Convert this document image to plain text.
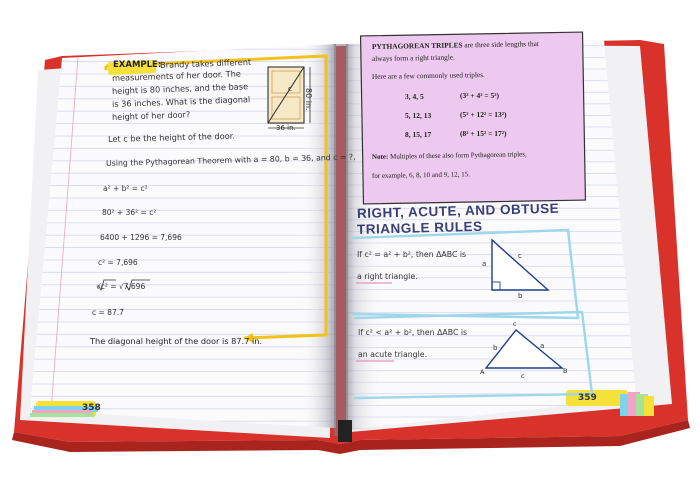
EXAMPLE:
Brandy takes different
measurements of her door. The
height is 80 inches, and the base
is 36 inches. What is the diagonal
height of her door?
80 in.
36 in.
c
Let c be the height of the door.
Using the Pythagorean Theorem with a = 80, b = 36, and c = ?,
a² + b² = c²
80² + 36² = c²
6400 + 1296 = 7,696
c² = 7,696
√c² = √7,696
c = 87.7
The diagonal height of the door is 87.7 in.
358
PYTHAGOREAN TRIPLES are three side lengths that
always form a right triangle.
Here are a few commonly used triples.
3, 4, 5	(3² + 4² = 5²)
5, 12, 13	(5² + 12² = 13²)
8, 15, 17	(8² + 15² = 17²)
Note: Multiples of these also form Pythagorean triples,
for example, 6, 8, 10 and 9, 12, 15.
RIGHT, ACUTE, AND OBTUSE
TRIANGLE RULES
If c² = a² + b², then ΔABC is
a right triangle.
a
c
b
If c² < a² + b², then ΔABC is
an acute triangle.
b	a
c
c
A	B
359
